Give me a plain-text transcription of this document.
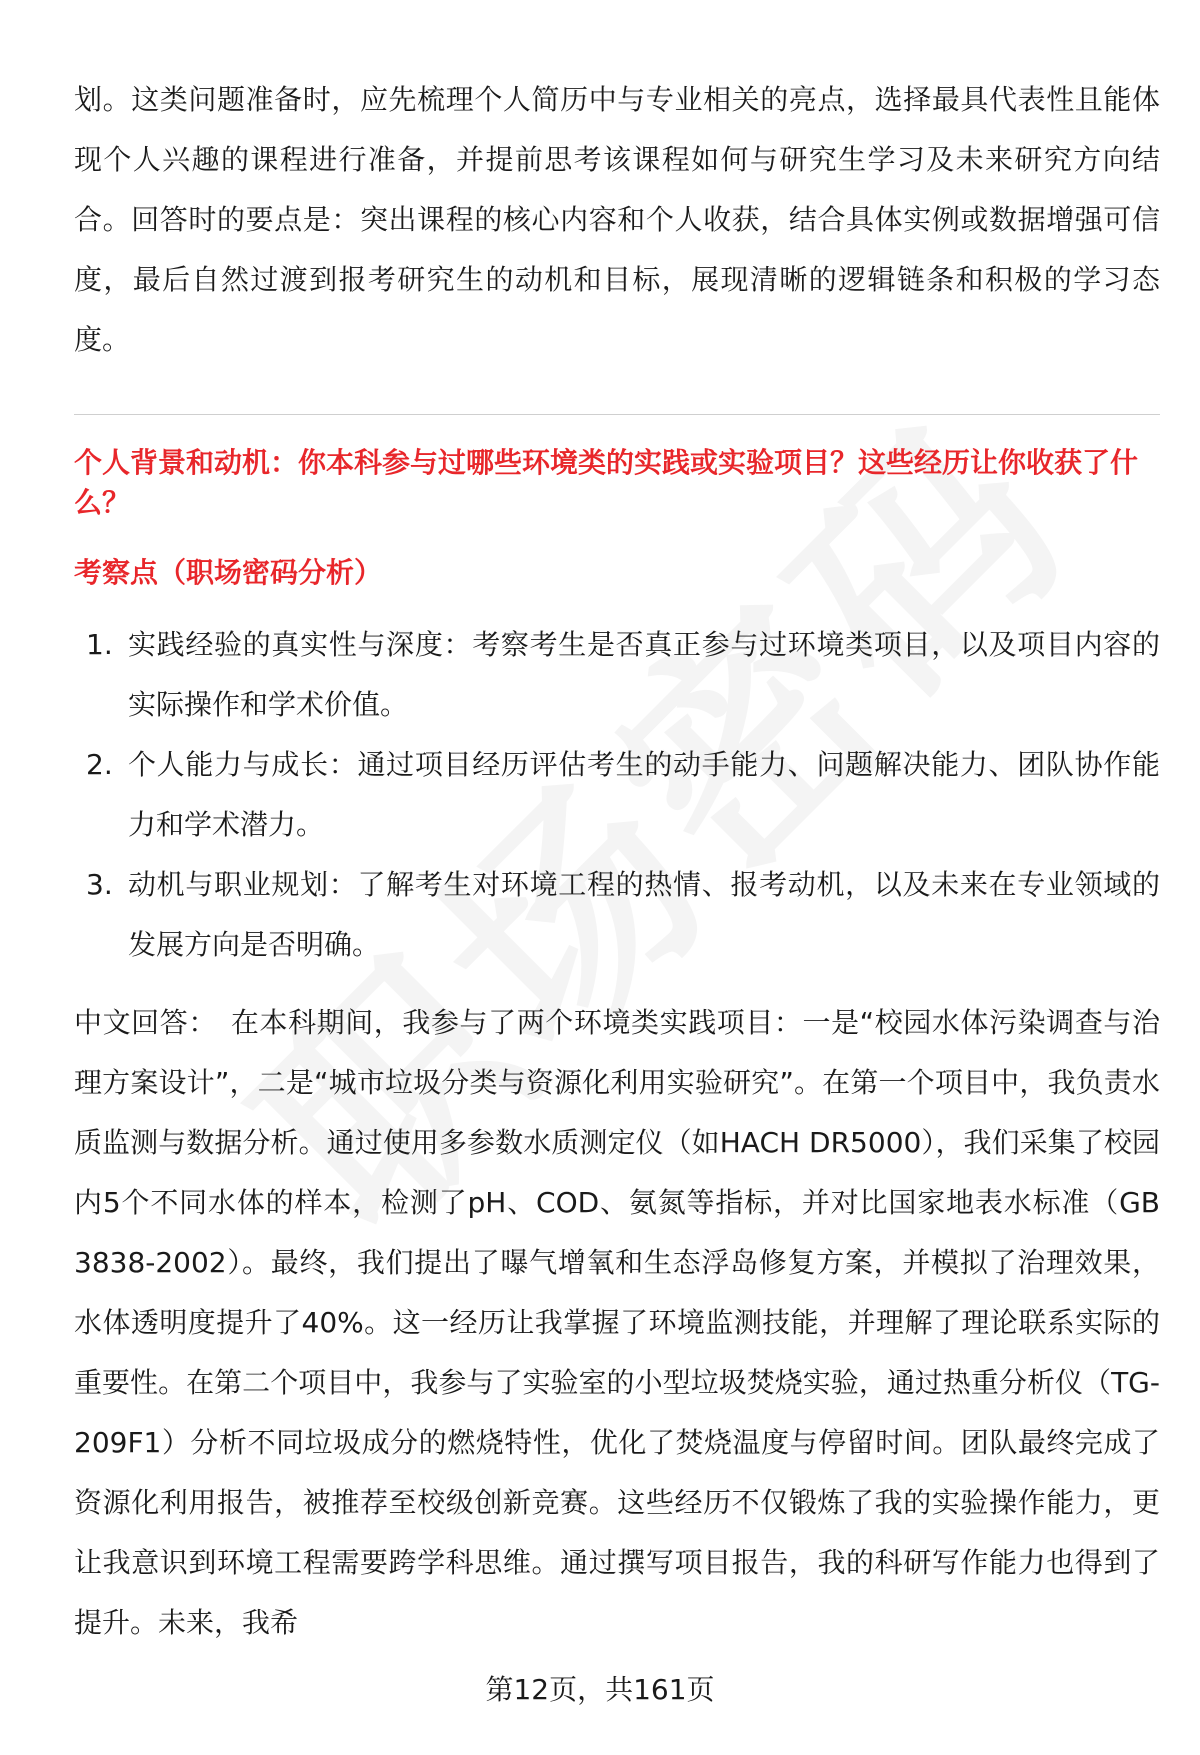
划。这类问题准备时，应先梳理个人简历中与专业相关的亮点，选择最具代表性且能体现个人兴趣的课程进行准备，并提前思考该课程如何与研究生学习及未来研究方向结合。回答时的要点是：突出课程的核心内容和个人收获，结合具体实例或数据增强可信度，最后自然过渡到报考研究生的动机和目标，展现清晰的逻辑链条和积极的学习态度。

个人背景和动机：你本科参与过哪些环境类的实践或实验项目？这些经历让你收获了什么？

考察点（职场密码分析）

1. 实践经验的真实性与深度：考察考生是否真正参与过环境类项目，以及项目内容的实际操作和学术价值。
2. 个人能力与成长：通过项目经历评估考生的动手能力、问题解决能力、团队协作能力和学术潜力。
3. 动机与职业规划：了解考生对环境工程的热情、报考动机，以及未来在专业领域的发展方向是否明确。

中文回答： 在本科期间，我参与了两个环境类实践项目：一是“校园水体污染调查与治理方案设计”，二是“城市垃圾分类与资源化利用实验研究”。在第一个项目中，我负责水质监测与数据分析。通过使用多参数水质测定仪（如HACH DR5000），我们采集了校园内5个不同水体的样本，检测了pH、COD、氨氮等指标，并对比国家地表水标准（GB 3838-2002）。最终，我们提出了曝气增氧和生态浮岛修复方案，并模拟了治理效果，水体透明度提升了40%。这一经历让我掌握了环境监测技能，并理解了理论联系实际的重要性。在第二个项目中，我参与了实验室的小型垃圾焚烧实验，通过热重分析仪（TG-209F1）分析不同垃圾成分的燃烧特性，优化了焚烧温度与停留时间。团队最终完成了资源化利用报告，被推荐至校级创新竞赛。这些经历不仅锻炼了我的实验操作能力，更让我意识到环境工程需要跨学科思维。通过撰写项目报告，我的科研写作能力也得到了提升。未来，我希

第12页，共161页
